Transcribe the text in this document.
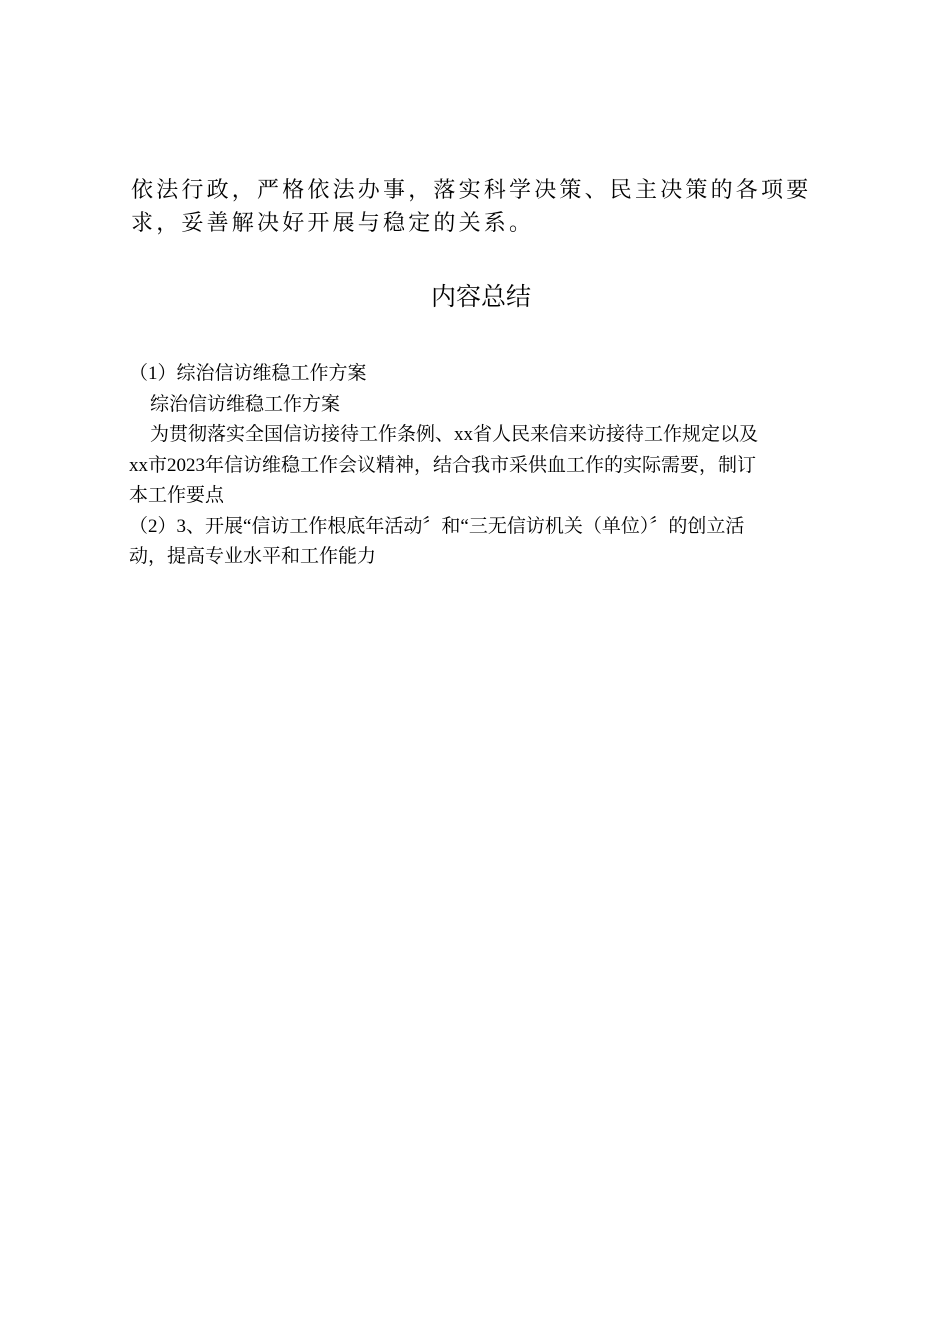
依法行政，严格依法办事，落实科学决策、民主决策的各项要
求，妥善解决好开展与稳定的关系。

内容总结
（1）综治信访维稳工作方案
综治信访维稳工作方案
为贯彻落实全国信访接待工作条例、xx省人民来信来访接待工作规定以及
xx市2023年信访维稳工作会议精神，结合我市采供血工作的实际需要，制订
本工作要点
（2）3、开展“信访工作根底年活动〞和“三无信访机关（单位）〞的创立活
动，提高专业水平和工作能力
